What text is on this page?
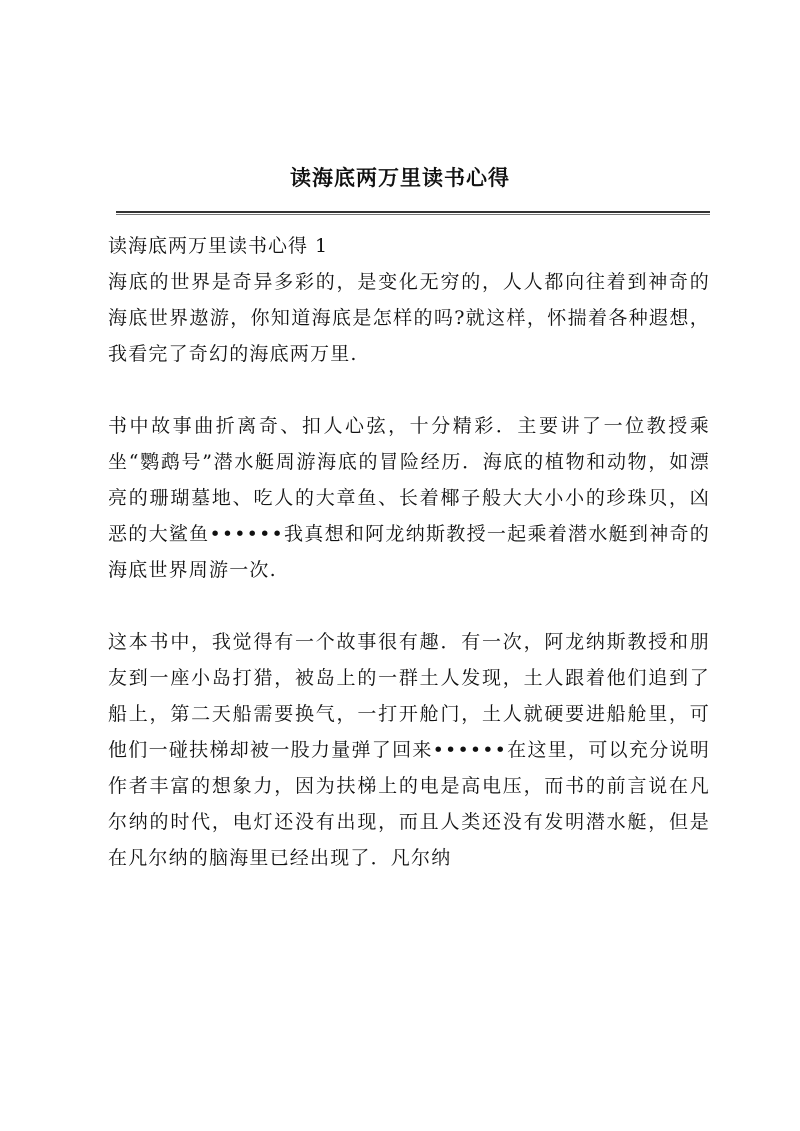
读海底两万里读书心得
读海底两万里读书心得 1

海底的世界是奇异多彩的，是变化无穷的，人人都向往着到神奇的海底世界遨游，你知道海底是怎样的吗?就这样，怀揣着各种遐想，我看完了奇幻的海底两万里.

书中故事曲折离奇、扣人心弦，十分精彩．主要讲了一位教授乘坐“鹦鹉号”潜水艇周游海底的冒险经历．海底的植物和动物，如漂亮的珊瑚墓地、吃人的大章鱼、长着椰子般大大小小的珍珠贝，凶恶的大鲨鱼••••••我真想和阿龙纳斯教授一起乘着潜水艇到神奇的海底世界周游一次.

这本书中，我觉得有一个故事很有趣．有一次，阿龙纳斯教授和朋友到一座小岛打猎，被岛上的一群土人发现，土人跟着他们追到了船上，第二天船需要换气，一打开舱门，土人就硬要进船舱里，可他们一碰扶梯却被一股力量弹了回来••••••在这里，可以充分说明作者丰富的想象力，因为扶梯上的电是高电压，而书的前言说在凡尔纳的时代，电灯还没有出现，而且人类还没有发明潜水艇，但是在凡尔纳的脑海里已经出现了．凡尔纳
